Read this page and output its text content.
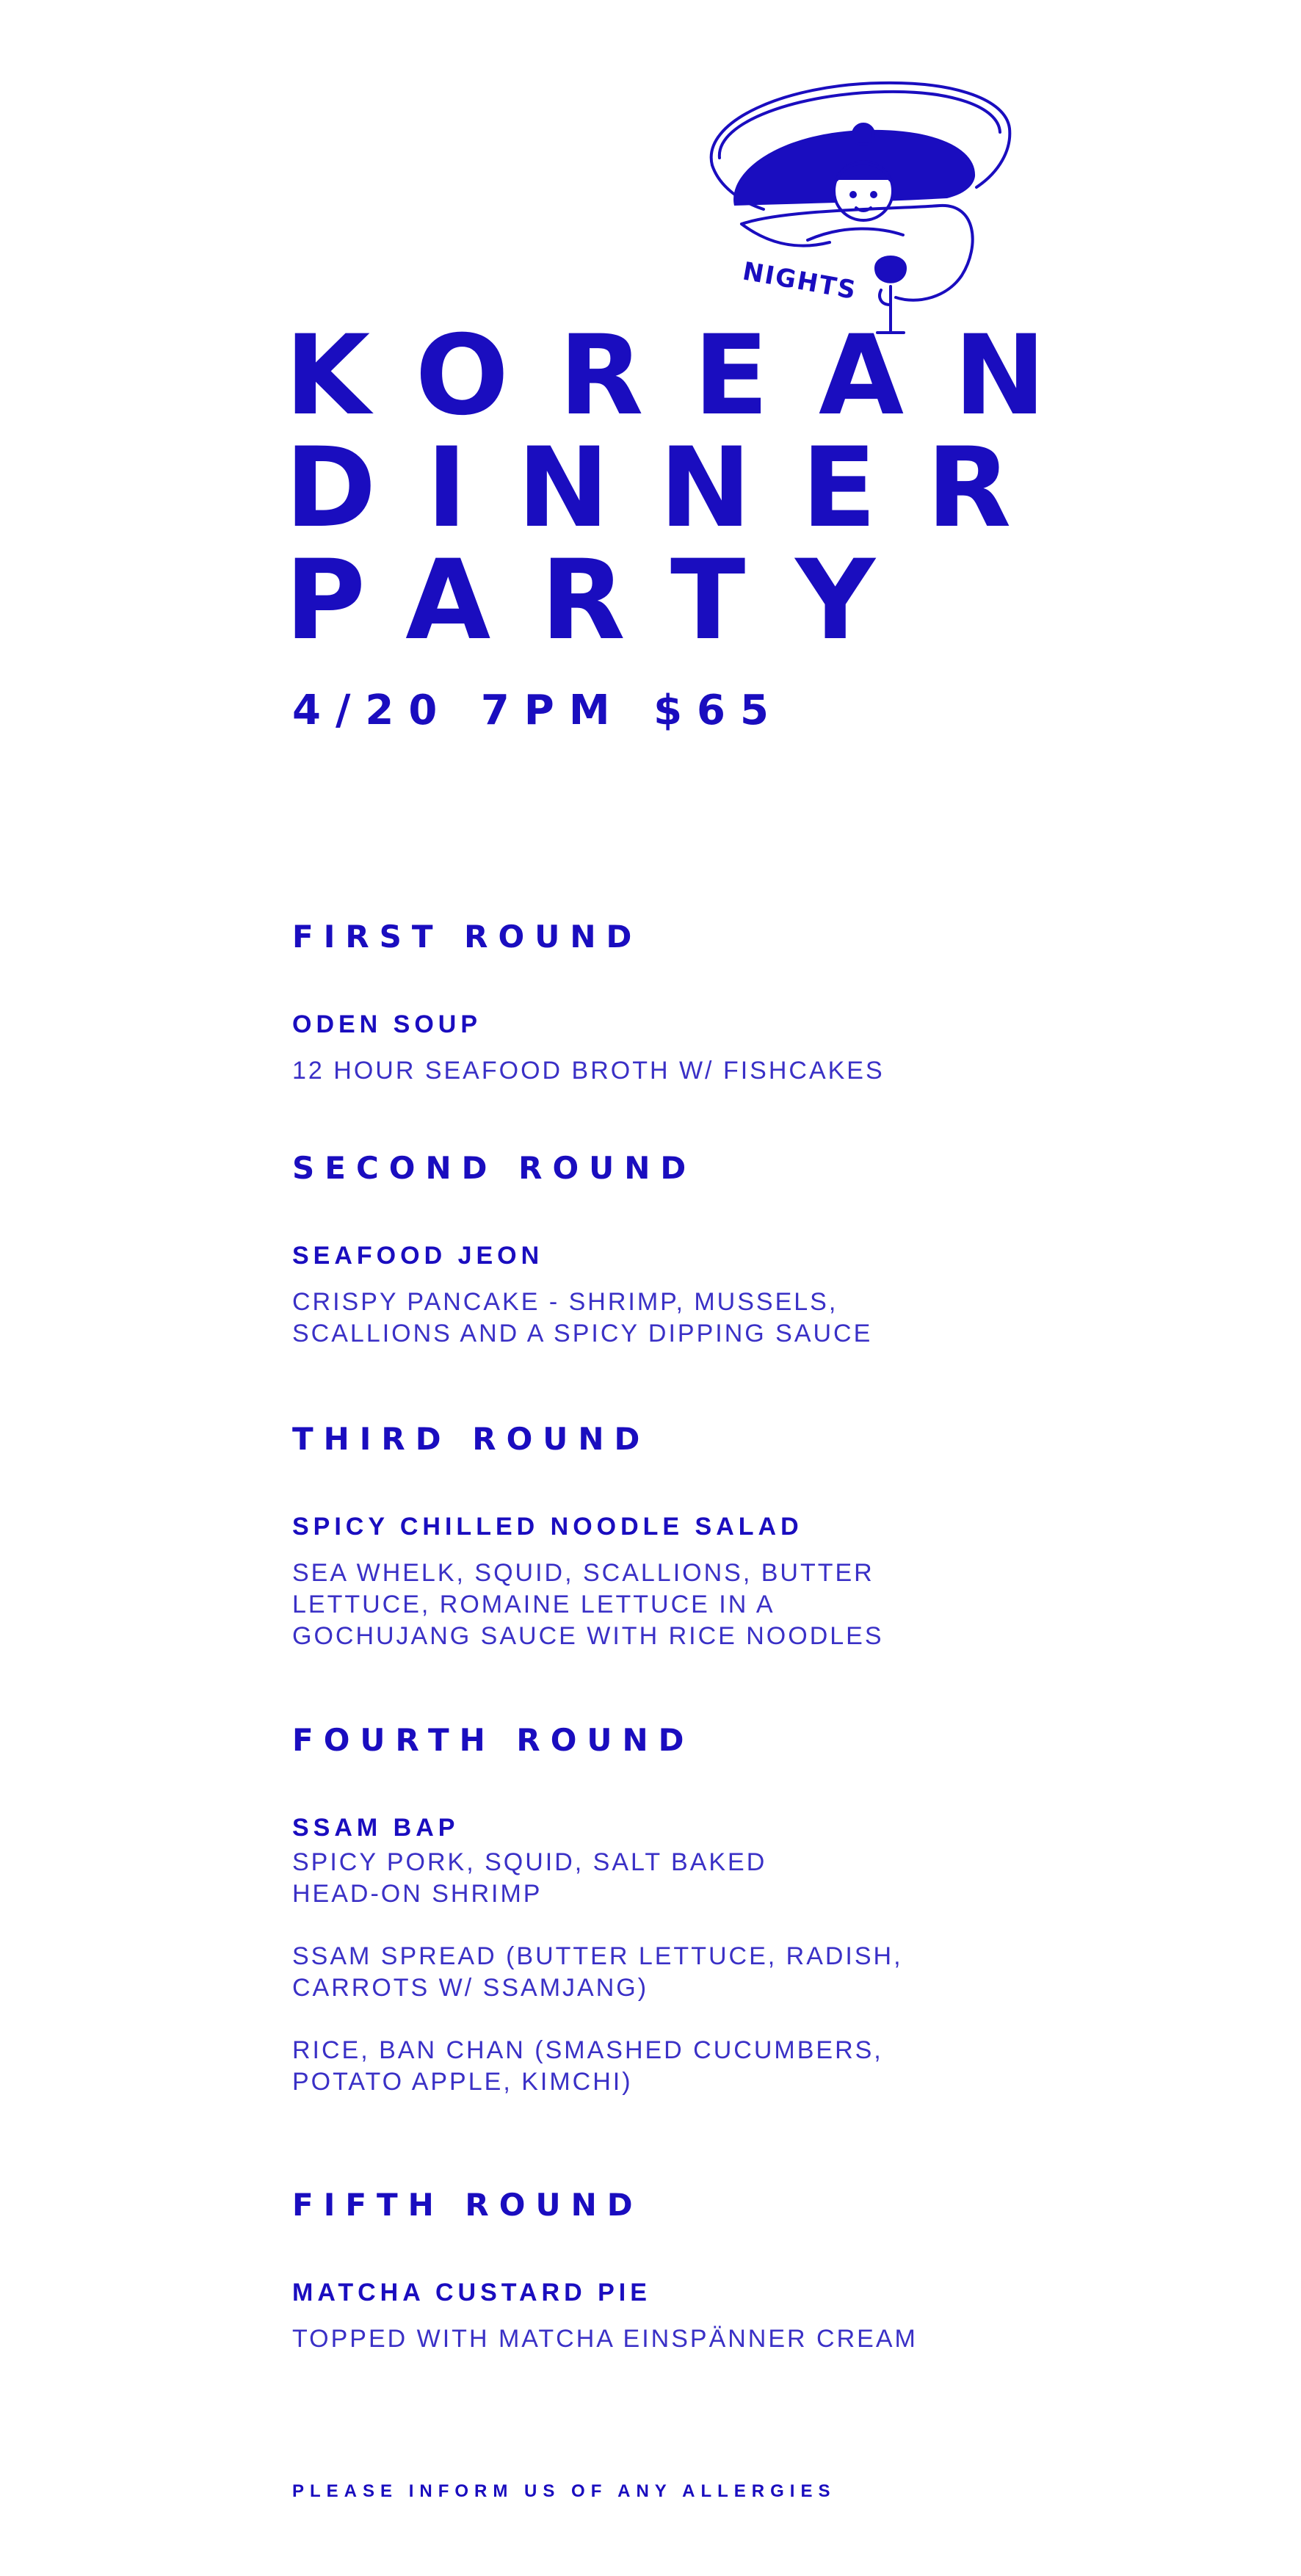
NIGHTS
KOREAN
DINNER
PARTY

4/20 7PM $65

FIRST ROUND

ODEN SOUP

12 HOUR SEAFOOD BROTH W/ FISHCAKES

SECOND ROUND

SEAFOOD JEON

CRISPY PANCAKE - SHRIMP, MUSSELS,
SCALLIONS AND A SPICY DIPPING SAUCE

THIRD ROUND

SPICY CHILLED NOODLE SALAD

SEA WHELK, SQUID, SCALLIONS, BUTTER
LETTUCE, ROMAINE LETTUCE IN A
GOCHUJANG SAUCE WITH RICE NOODLES

FOURTH ROUND

SSAM BAP

SPICY PORK, SQUID, SALT BAKED
HEAD-ON SHRIMP

SSAM SPREAD (BUTTER LETTUCE, RADISH,
CARROTS W/ SSAMJANG)

RICE, BAN CHAN (SMASHED CUCUMBERS,
POTATO APPLE, KIMCHI)

FIFTH ROUND

MATCHA CUSTARD PIE

TOPPED WITH MATCHA EINSPÄNNER CREAM

PLEASE INFORM US OF ANY ALLERGIES
